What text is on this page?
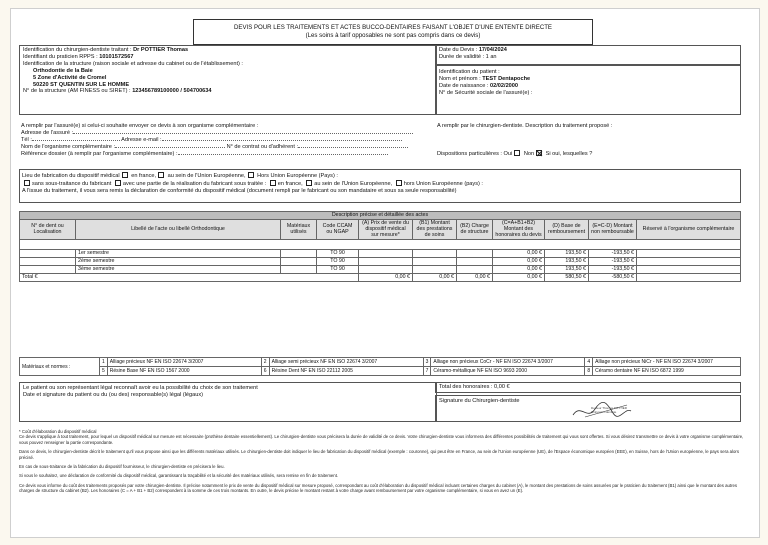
DEVIS POUR LES TRAITEMENTS ET ACTES BUCCO-DENTAIRES FAISANT L'OBJET D'UNE ENTENTE DIRECTE
(Les soins à tarif opposables ne sont pas compris dans ce devis)
Identification du chirurgien-dentiste traitant : Dr POTTIER Thomas
Identifiant du praticien RPPS : 10101572567
Identification de la structure (raison sociale et adresse du cabinet ou de l'établissement) :
Orthodontie de la Baie
5 Zone d'Activité de Cromel
50220 ST QUENTIN SUR LE HOMME
N° de la structure (AM FINESS ou SIRET) : 123456789100000 / 504700634
Date du Devis : 17/04/2024
Durée de validité : 1 an
Identification du patient :
Nom et prénom : TEST Dentapoche
Date de naissance : 02/02/2000
N° de Sécurité sociale de l'assuré(e) :
A remplir par l'assuré(e) si celui-ci souhaite envoyer ce devis à son organisme complémentaire :
Adresse de l'assuré :
Tél :	Adresse e-mail :
Nom de l'organisme complémentaire :	N° de contrat ou d'adhérent :
Référence dossier (à remplir par l'organisme complémentaire) :
A remplir par le chirurgien-dentiste. Description du traitement proposé :
Dispositions particulières : Oui Non Si oui, lesquelles ?
Lieu de fabrication du dispositif médical en france, au sein de l'Union Européenne, Hors Union Européenne (Pays) :
sans sous-traitance du fabricant avec une partie de la réalisation du fabricant sous traitée : en france, au sein de l'Union Européenne, hors Union Européenne (pays) :
A l'issue du traitement, il vous sera remis la déclaration de conformité du dispositif médical (document rempli par le fabricant ou son mandataire et sous sa seule responsabilité)
Description précise et détaillée des actes										
N° de dent ou Localisation	Libellé de l'acte ou libellé Orthodontique	Matériaux utilisés	Code CCAM ou NGAP	(A) Prix de vente du dispositif médical sur mesure*	(B1) Montant des prestations de soins	(B2) Charge de structure	(C=A+B1+B2) Montant des honoraires du devis	(D) Base de remboursement	(E=C-D) Montant non remboursable	Réservé à l'organisme complémentaire

	1er semestre		TO 90				0,00 €	193,50 €	-193,50 €	
	2ème semestre		TO 90				0,00 €	193,50 €	-193,50 €	
	3ème semestre		TO 90				0,00 €	193,50 €	-193,50 €	
Total €				0,00 €	0,00 €	0,00 €	0,00 €	580,50 €	-580,50 €	
Matériaux et normes :	1	Alliage précieux NF EN ISO 22674 3/2007	2	Alliage semi précieux NF EN ISO 22674 3/2007	3	Alliage non précieux CoCr - NF EN ISO 22674 3/2007	4	Alliage non précieux NiCr - NF EN ISO 22674 3/2007
	5	Résine Base NF EN ISO 1567 2000	6	Résine Dent NF EN ISO 22112 2005	7	Céramo-métallique NF EN ISO 9693 2000	8	Céramo dentaire NF EN ISO 6872 1999
Le patient ou son représentant légal reconnaît avoir eu la possibilité du choix de son traitement
Date et signature du patient ou du (ou des) responsable(s) légal (légaux)
Total des honoraires : 0,00 €
Signature du Chirurgien-dentiste
Docteur Thomas POTTIER
Chirurgien-dentiste

* Coût d'élaboration du dispositif médical

Ce devis s'applique à tout traitement, pour lequel un dispositif médical sur mesure est nécessaire (prothèse dentaire essentiellement). Le chirurgien-dentiste vous précisera la durée de validité de ce devis. Votre chirurgien-dentiste vous informera des différentes possibilités de traitement qui vous sont offertes. Si vous désirez transmettre ce devis à votre organisme complémentaire, vous pouvez renseigner la partie correspondante.

Dans ce devis, le chirurgien-dentiste décrit le traitement qu'il vous propose ainsi que les différents matériaux utilisés. Le chirurgien-dentiste doit indiquer le lieu de fabrication du dispositif médical (exemple : couronne), qui peut être en France, au sein de l'Union européenne (UE), de l'Espace économique européen (EEE), en Suisse, hors de l'Union européenne, le pays sera alors précisé.

En cas de sous-traitance de la fabrication du dispositif fournisseur, le chirurgien-dentiste en précisera le lieu.

Si vous le souhaitez, une déclaration de conformité du dispositif médical, garantissant la traçabilité et la sécurité des matériaux utilisés, sera remise en fin de traitement.

Ce devis vous informe du coût des traitements proposés par votre chirurgien-dentiste. Il précise notamment le prix de vente du dispositif médical sur mesure proposé, correspondant au coût d'élaboration du dispositif médical incluant certaines charges du cabinet (A), le montant des prestations de soins assurées par le praticien du traitement (B1) ainsi que le montant des autres charges de structure du cabinet (B2). Les honoraires (C = A + B1 + B2) correspondent à la somme de ces trois montants. En outre, le devis précise le montant restant à votre charge avant remboursement par votre organisme complémentaire, si vous en avez un (E).
